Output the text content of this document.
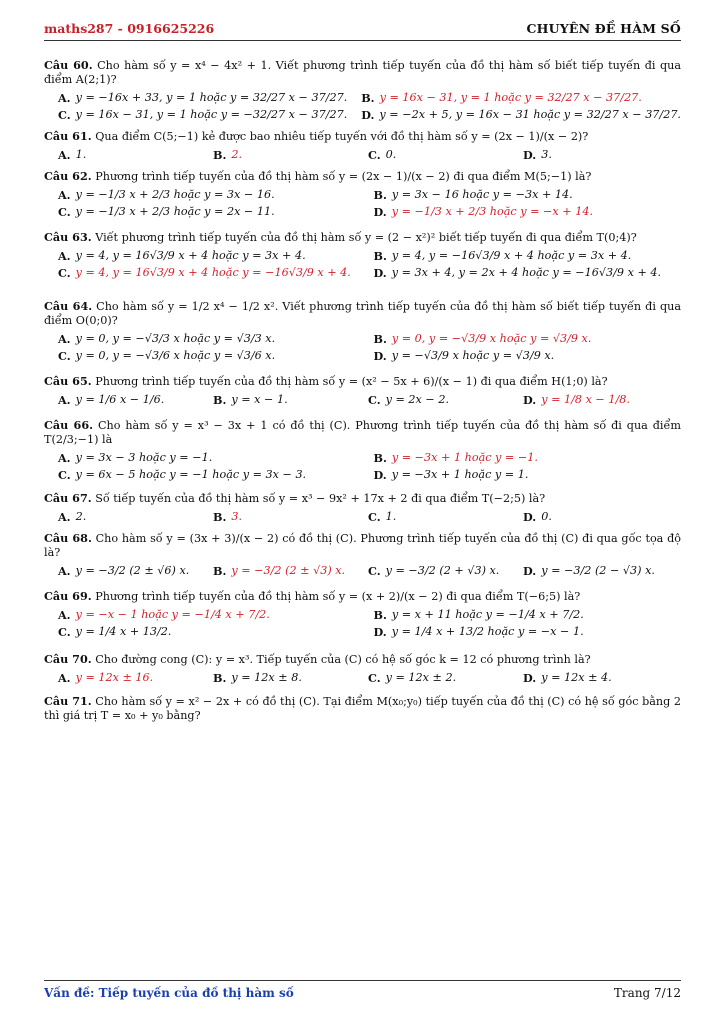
maths287 - 0916625226	CHUYÊN ĐỀ HÀM SỐ
Câu 60. Cho hàm số y = x⁴ − 4x² + 1. Viết phương trình tiếp tuyến của đồ thị hàm số biết tiếp tuyến đi qua điểm A(2;1)?
A. y = −16x + 33, y = 1 hoặc y = 32/27 x − 37/27. B. y = 16x − 31, y = 1 hoặc y = 32/27 x − 37/27.
C. y = 16x − 31, y = 1 hoặc y = −32/27 x − 37/27. D. y = −2x + 5, y = 16x − 31 hoặc y = 32/27 x − 37/27.
Câu 61. Qua điểm C(5;−1) kẻ được bao nhiêu tiếp tuyến với đồ thị hàm số y = (2x − 1)/(x − 2)?
A. 1.	B. 2.	C. 0.	D. 3.
Câu 62. Phương trình tiếp tuyến của đồ thị hàm số y = (2x − 1)/(x − 2) đi qua điểm M(5;−1) là?
A. y = −1/3 x + 2/3 hoặc y = 3x − 16.	B. y = 3x − 16 hoặc y = −3x + 14.
C. y = −1/3 x + 2/3 hoặc y = 2x − 11.	D. y = −1/3 x + 2/3 hoặc y = −x + 14.
Câu 63. Viết phương trình tiếp tuyến của đồ thị hàm số y = (2 − x²)² biết tiếp tuyến đi qua điểm T(0;4)?
A. y = 4, y = 16√3/9 x + 4 hoặc y = 3x + 4.	B. y = 4, y = −16√3/9 x + 4 hoặc y = 3x + 4.
C. y = 4, y = 16√3/9 x + 4 hoặc y = −16√3/9 x + 4. D. y = 3x + 4, y = 2x + 4 hoặc y = −16√3/9 x + 4.
Câu 64. Cho hàm số y = 1/2 x⁴ − 1/2 x². Viết phương trình tiếp tuyến của đồ thị hàm số biết tiếp tuyến đi qua điểm O(0;0)?
A. y = 0, y = −√3/3 x hoặc y = √3/3 x.	B. y = 0, y = −√3/9 x hoặc y = √3/9 x.
C. y = 0, y = −√3/6 x hoặc y = √3/6 x.	D. y = −√3/9 x hoặc y = √3/9 x.
Câu 65. Phương trình tiếp tuyến của đồ thị hàm số y = (x² − 5x + 6)/(x − 1) đi qua điểm H(1;0) là?
A. y = 1/6 x − 1/6.	B. y = x − 1.	C. y = 2x − 2.	D. y = 1/8 x − 1/8.
Câu 66. Cho hàm số y = x³ − 3x + 1 có đồ thị (C). Phương trình tiếp tuyến của đồ thị hàm số đi qua điểm T(2/3;−1) là
A. y = 3x − 3 hoặc y = −1.	B. y = −3x + 1 hoặc y = −1.
C. y = 6x − 5 hoặc y = −1 hoặc y = 3x − 3.	D. y = −3x + 1 hoặc y = 1.
Câu 67. Số tiếp tuyến của đồ thị hàm số y = x³ − 9x² + 17x + 2 đi qua điểm T(−2;5) là?
A. 2.	B. 3.	C. 1.	D. 0.
Câu 68. Cho hàm số y = (3x + 3)/(x − 2) có đồ thị (C). Phương trình tiếp tuyến của đồ thị (C) đi qua gốc tọa độ là?
A. y = −3/2 (2 ± √6) x. B. y = −3/2 (2 ± √3) x. C. y = −3/2 (2 + √3) x. D. y = −3/2 (2 − √3) x.
Câu 69. Phương trình tiếp tuyến của đồ thị hàm số y = (x + 2)/(x − 2) đi qua điểm T(−6;5) là?
A. y = −x − 1 hoặc y = −1/4 x + 7/2.	B. y = x + 11 hoặc y = −1/4 x + 7/2.
C. y = 1/4 x + 13/2.	D. y = 1/4 x + 13/2 hoặc y = −x − 1.
Câu 70. Cho đường cong (C): y = x³. Tiếp tuyến của (C) có hệ số góc k = 12 có phương trình là?
A. y = 12x ± 16.	B. y = 12x ± 8.	C. y = 12x ± 2.	D. y = 12x ± 4.
Câu 71. Cho hàm số y = x² − 2x + có đồ thị (C). Tại điểm M(x₀;y₀) tiếp tuyến của đồ thị (C) có hệ số góc bằng 2 thì giá trị T = x₀ + y₀ bằng?
Vấn đề: Tiếp tuyến của đồ thị hàm số	Trang 7/12
